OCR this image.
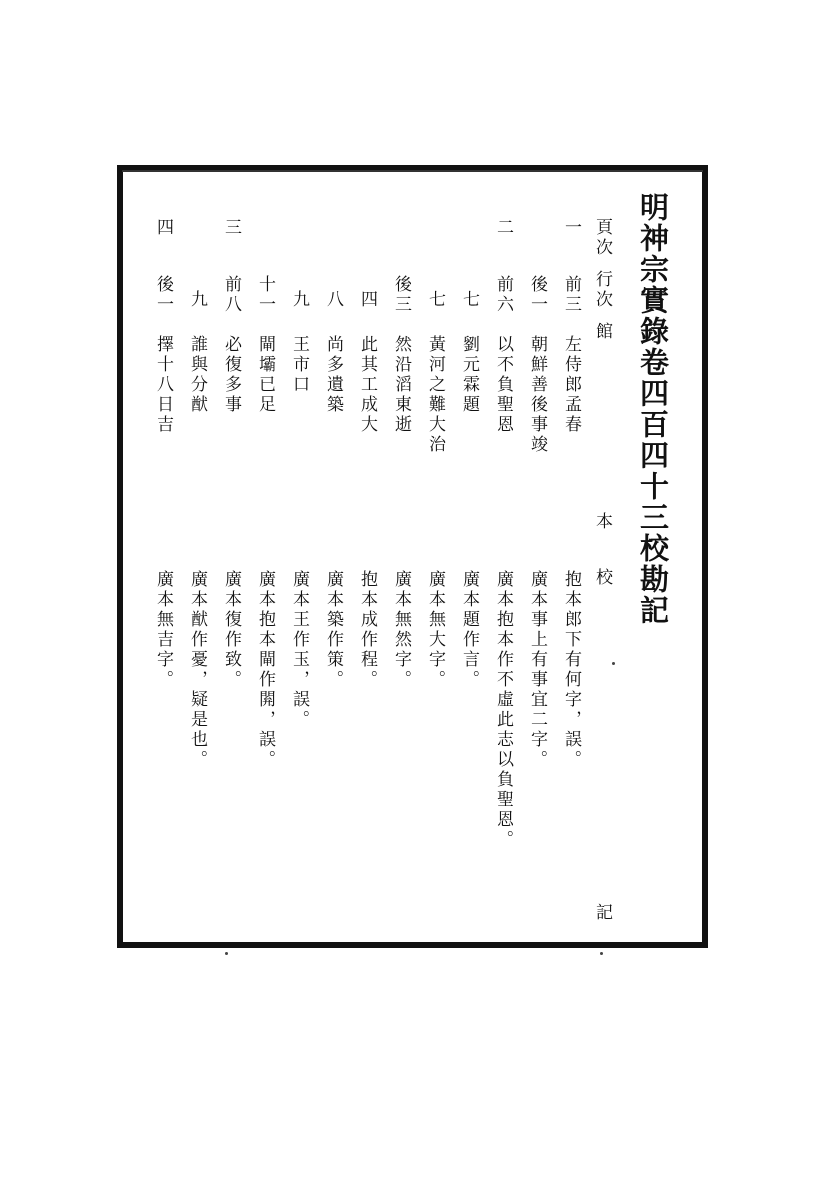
明神宗實錄卷四百四十三校勘記
頁次行次館
本
校
記
一
前三
左侍郎孟春
抱本郎下有何字，誤。
後一
朝鮮善後事竣
廣本事上有事宜二字。
二
前六
以不負聖恩
廣本抱本作不虛此志以負聖恩。
七
劉元霖題
廣本題作言。
七
黃河之難大治
廣本無大字。
後三
然沿滔東逝
廣本無然字。
四
此其工成大
抱本成作程。
八
尚多遺築
廣本築作策。
九
王市口
廣本王作玉，誤。
十一
閘壩已足
廣本抱本閘作閞，誤。
三
前八
必復多事
廣本復作致。
九
誰與分猷
廣本猷作憂，疑是也。
四
後一
擇十八日吉
廣本無吉字。
